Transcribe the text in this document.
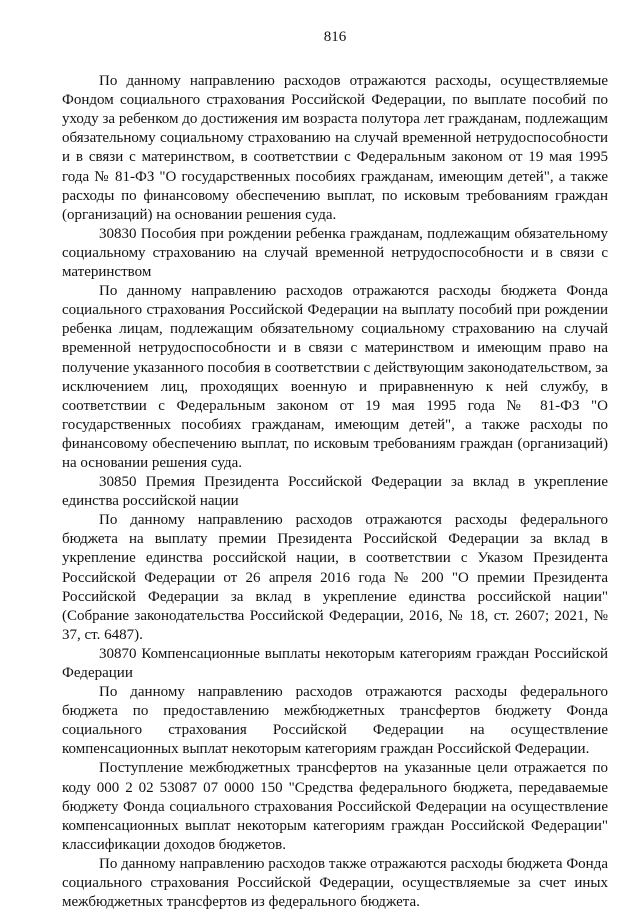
816

По данному направлению расходов отражаются расходы, осуществляемые Фондом социального страхования Российской Федерации, по выплате пособий по уходу за ребенком до достижения им возраста полутора лет гражданам, подлежащим обязательному социальному страхованию на случай временной нетрудоспособности и в связи с материнством, в соответствии с Федеральным законом от 19 мая 1995 года № 81-ФЗ "О государственных пособиях гражданам, имеющим детей", а также расходы по финансовому обеспечению выплат, по исковым требованиям граждан (организаций) на основании решения суда.

30830 Пособия при рождении ребенка гражданам, подлежащим обязательному социальному страхованию на случай временной нетрудоспособности и в связи с материнством

По данному направлению расходов отражаются расходы бюджета Фонда социального страхования Российской Федерации на выплату пособий при рождении ребенка лицам, подлежащим обязательному социальному страхованию на случай временной нетрудоспособности и в связи с материнством и имеющим право на получение указанного пособия в соответствии с действующим законодательством, за исключением лиц, проходящих военную и приравненную к ней службу, в соответствии с Федеральным законом от 19 мая 1995 года № 81-ФЗ "О государственных пособиях гражданам, имеющим детей", а также расходы по финансовому обеспечению выплат, по исковым требованиям граждан (организаций) на основании решения суда.

30850 Премия Президента Российской Федерации за вклад в укрепление единства российской нации

По данному направлению расходов отражаются расходы федерального бюджета на выплату премии Президента Российской Федерации за вклад в укрепление единства российской нации, в соответствии с Указом Президента Российской Федерации от 26 апреля 2016 года № 200 "О премии Президента Российской Федерации за вклад в укрепление единства российской нации" (Собрание законодательства Российской Федерации, 2016, № 18, ст. 2607; 2021, № 37, ст. 6487).

30870 Компенсационные выплаты некоторым категориям граждан Российской Федерации

По данному направлению расходов отражаются расходы федерального бюджета по предоставлению межбюджетных трансфертов бюджету Фонда социального страхования Российской Федерации на осуществление компенсационных выплат некоторым категориям граждан Российской Федерации.

Поступление межбюджетных трансфертов на указанные цели отражается по коду 000 2 02 53087 07 0000 150 "Средства федерального бюджета, передаваемые бюджету Фонда социального страхования Российской Федерации на осуществление компенсационных выплат некоторым категориям граждан Российской Федерации" классификации доходов бюджетов.

По данному направлению расходов также отражаются расходы бюджета Фонда социального страхования Российской Федерации, осуществляемые за счет иных межбюджетных трансфертов из федерального бюджета.
